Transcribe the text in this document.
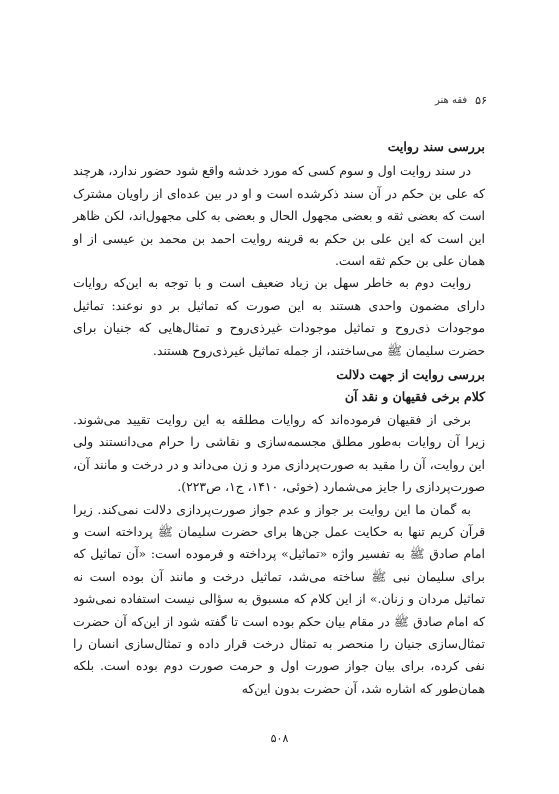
۵۶
فقه هنر

بررسی سند روایت

در سند روایت اول و سوم کسی که مورد خدشه واقع شود حضور ندارد، هرچند که علی بن حکم در آن سند ذکرشده است و او در بین عده‌ای از راویان مشترک است که بعضی ثقه و بعضی مجهول الحال و بعضی به کلی مجهول‌اند، لکن ظاهر این است که این علی بن حکم به قرینه روایت احمد بن محمد بن عیسی از او همان علی بن حکم ثقه است.

روایت دوم به خاطر سهل بن زیاد ضعیف است و با توجه به این‌که روایات دارای مضمون واحدی هستند به این صورت که تماثیل بر دو نوعند: تماثیل موجودات ذی‌روح و تماثیل موجودات غیرذی‌روح و تمثال‌هایی که جنیان برای حضرت سلیمان ﷺ می‌ساختند، از جمله تماثیل غیرذی‌روح هستند.

بررسی روایت از جهت دلالت

کلام برخی فقیهان و نقد آن

برخی از فقیهان فرموده‌اند که روایات مطلقه به این روایت تقیید می‌شوند. زیرا آن روایات به‌طور مطلق مجسمه‌سازی و نقاشی را حرام می‌دانستند ولی این روایت، آن را مقید به صورت‌پردازی مرد و زن می‌داند و در درخت و مانند آن، صورت‌پردازی را جایز می‌شمارد (خوئی، ۱۴۱۰، ج۱، ص۲۲۳).

به گمان ما این روایت بر جواز و عدم جواز صورت‌پردازی دلالت نمی‌کند. زیرا قرآن کریم تنها به حکایت عمل جن‌ها برای حضرت سلیمان ﷺ پرداخته است و امام صادق ﷺ به تفسیر واژه «تماثیل» پرداخته و فرموده است: «آن تماثیل که برای سلیمان نبی ﷺ ساخته می‌شد، تماثیل درخت و مانند آن بوده است نه تماثیل مردان و زنان.» از این کلام که مسبوق به سؤالی نیست استفاده نمی‌شود که امام صادق ﷺ در مقام بیان حکم بوده است تا گفته شود از این‌که آن حضرت تمثال‌سازی جنیان را منحصر به تمثال درخت قرار داده و تمثال‌سازی انسان را نفی کرده، برای بیان جواز صورت اول و حرمت صورت دوم بوده است. بلکه همان‌طور که اشاره شد، آن حضرت بدون این‌که

۵۰۸
